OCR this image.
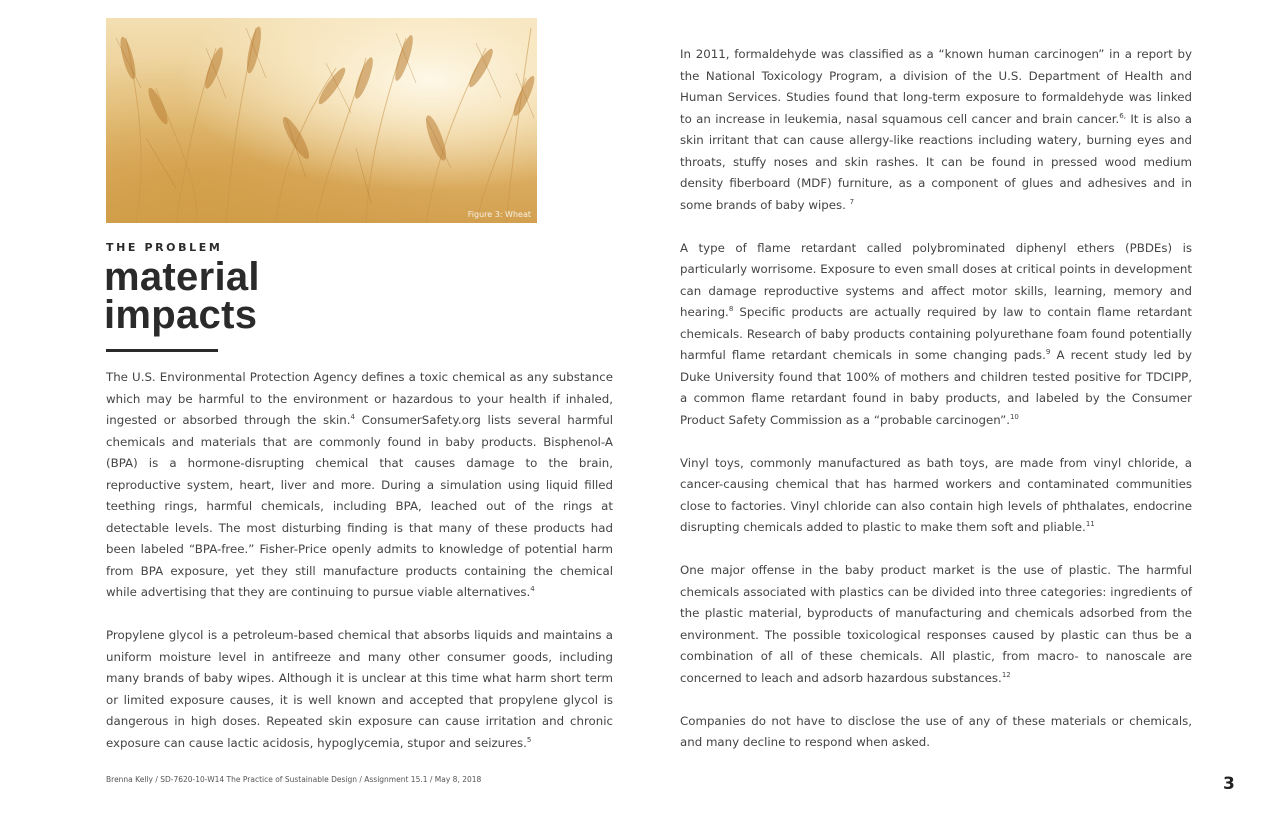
Figure 3: Wheat
THE PROBLEM
material
impacts

The U.S. Environmental Protection Agency defines a toxic chemical as any substance which may be harmful to the environment or hazardous to your health if inhaled, ingested or absorbed through the skin.$^4$ ConsumerSafety.org lists several harmful chemicals and materials that are commonly found in baby products. Bisphenol-A (BPA) is a hormone-disrupting chemical that causes damage to the brain, reproductive system, heart, liver and more. During a simulation using liquid filled teething rings, harmful chemicals, including BPA, leached out of the rings at detectable levels. The most disturbing finding is that many of these products had been labeled “BPA-free.” Fisher-Price openly admits to knowledge of potential harm from BPA exposure, yet they still manufacture products containing the chemical while advertising that they are continuing to pursue viable alternatives.$^4$

Propylene glycol is a petroleum-based chemical that absorbs liquids and maintains a uniform moisture level in antifreeze and many other consumer goods, including many brands of baby wipes. Although it is unclear at this time what harm short term or limited exposure causes, it is well known and accepted that propylene glycol is dangerous in high doses. Repeated skin exposure can cause irritation and chronic exposure can cause lactic acidosis, hypoglycemia, stupor and seizures.$^5$

In 2011, formaldehyde was classified as a “known human carcinogen” in a report by the National Toxicology Program, a division of the U.S. Department of Health and Human Services. Studies found that long-term exposure to formaldehyde was linked to an increase in leukemia, nasal squamous cell cancer and brain cancer.$^{6,}$ It is also a skin irritant that can cause allergy-like reactions including watery, burning eyes and throats, stuffy noses and skin rashes. It can be found in pressed wood medium density fiberboard (MDF) furniture, as a component of glues and adhesives and in some brands of baby wipes. $^7$

A type of flame retardant called polybrominated diphenyl ethers (PBDEs) is particularly worrisome. Exposure to even small doses at critical points in development can damage reproductive systems and affect motor skills, learning, memory and hearing.$^8$ Specific products are actually required by law to contain flame retardant chemicals. Research of baby products containing polyurethane foam found potentially harmful flame retardant chemicals in some changing pads.$^9$ A recent study led by Duke University found that 100% of mothers and children tested positive for TDCIPP, a common flame retardant found in baby products, and labeled by the Consumer Product Safety Commission as a “probable carcinogen”.$^{10}$

Vinyl toys, commonly manufactured as bath toys, are made from vinyl chloride, a cancer-causing chemical that has harmed workers and contaminated communities close to factories. Vinyl chloride can also contain high levels of phthalates, endocrine disrupting chemicals added to plastic to make them soft and pliable.$^{11}$

One major offense in the baby product market is the use of plastic. The harmful chemicals associated with plastics can be divided into three categories: ingredients of the plastic material, byproducts of manufacturing and chemicals adsorbed from the environment. The possible toxicological responses caused by plastic can thus be a combination of all of these chemicals. All plastic, from macro- to nanoscale are concerned to leach and adsorb hazardous substances.$^{12}$

Companies do not have to disclose the use of any of these materials or chemicals, and many decline to respond when asked.

Brenna Kelly / SD-7620-10-W14 The Practice of Sustainable Design / Assignment 15.1 / May 8, 2018	3
